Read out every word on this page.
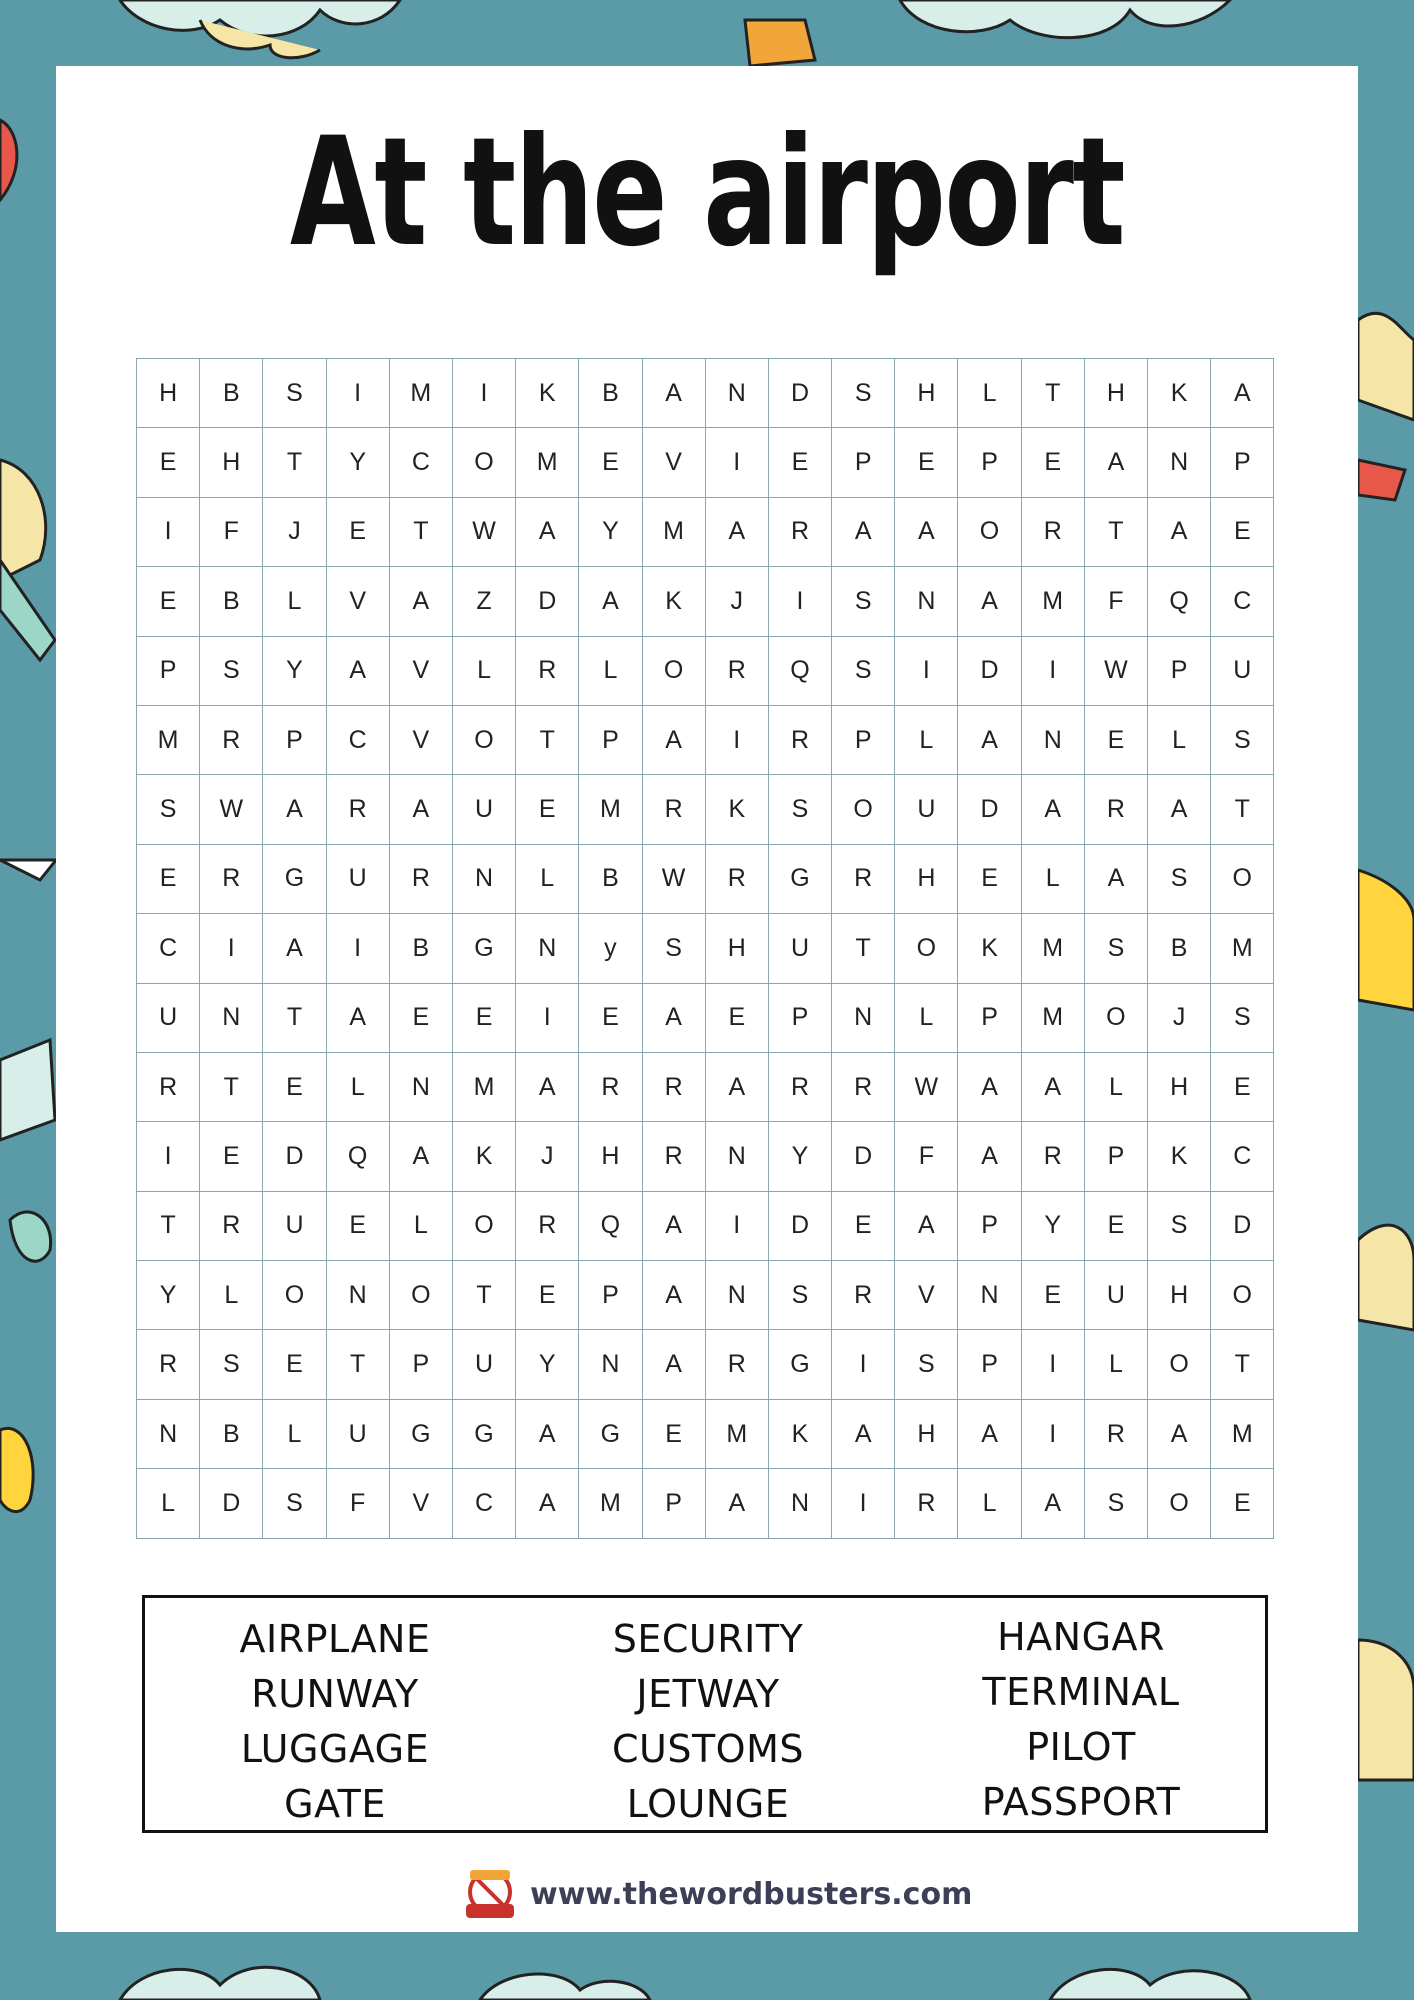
At the airport
H	B	S	I	M	I	K	B	A	N	D	S	H	L	T	H	K	A
E	H	T	Y	C	O	M	E	V	I	E	P	E	P	E	A	N	P
I	F	J	E	T	W	A	Y	M	A	R	A	A	O	R	T	A	E
E	B	L	V	A	Z	D	A	K	J	I	S	N	A	M	F	Q	C
P	S	Y	A	V	L	R	L	O	R	Q	S	I	D	I	W	P	U
M	R	P	C	V	O	T	P	A	I	R	P	L	A	N	E	L	S
S	W	A	R	A	U	E	M	R	K	S	O	U	D	A	R	A	T
E	R	G	U	R	N	L	B	W	R	G	R	H	E	L	A	S	O
C	I	A	I	B	G	N	y	S	H	U	T	O	K	M	S	B	M
U	N	T	A	E	E	I	E	A	E	P	N	L	P	M	O	J	S
R	T	E	L	N	M	A	R	R	A	R	R	W	A	A	L	H	E
I	E	D	Q	A	K	J	H	R	N	Y	D	F	A	R	P	K	C
T	R	U	E	L	O	R	Q	A	I	D	E	A	P	Y	E	S	D
Y	L	O	N	O	T	E	P	A	N	S	R	V	N	E	U	H	O
R	S	E	T	P	U	Y	N	A	R	G	I	S	P	I	L	O	T
N	B	L	U	G	G	A	G	E	M	K	A	H	A	I	R	A	M
L	D	S	F	V	C	A	M	P	A	N	I	R	L	A	S	O	E
AIRPLANE
RUNWAY
LUGGAGE
GATE
SECURITY
JETWAY
CUSTOMS
LOUNGE
HANGAR
TERMINAL
PILOT
PASSPORT
www.thewordbusters.com
